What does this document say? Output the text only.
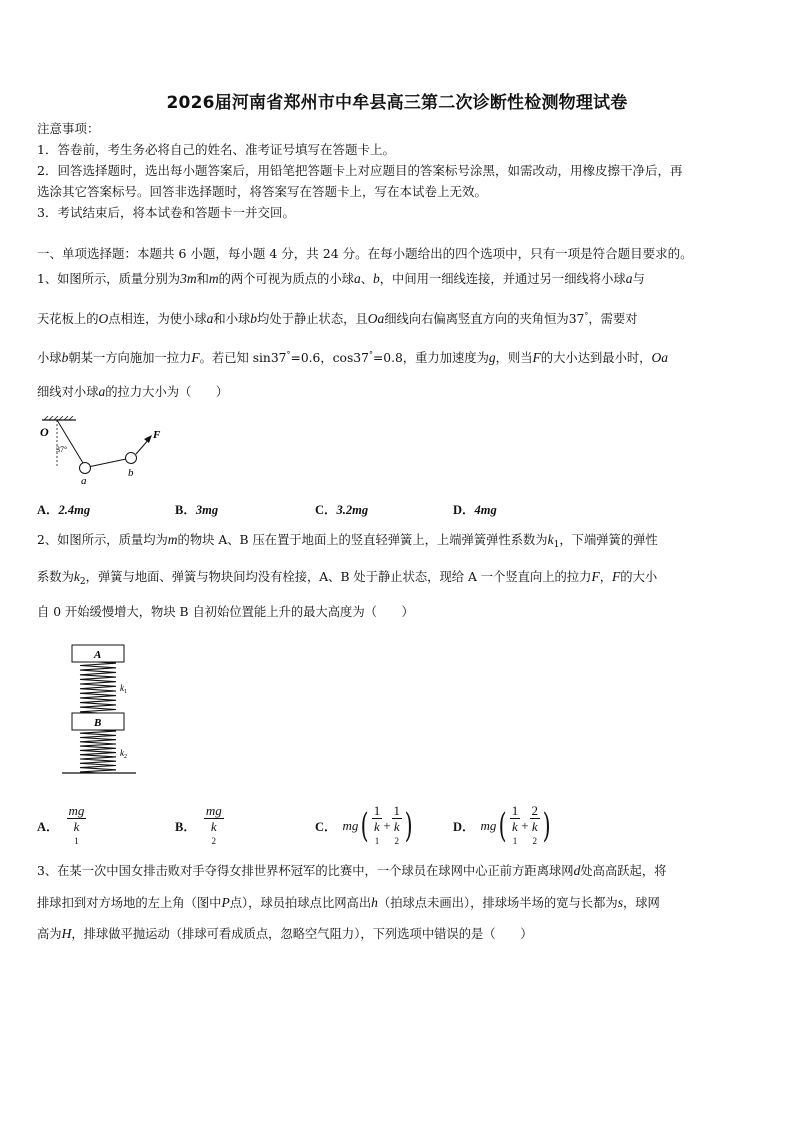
2026届河南省郑州市中牟县高三第二次诊断性检测物理试卷
注意事项：
1．答卷前，考生务必将自己的姓名、准考证号填写在答题卡上。
2．回答选择题时，选出每小题答案后，用铅笔把答题卡上对应题目的答案标号涂黑，如需改动，用橡皮擦干净后，再
选涂其它答案标号。回答非选择题时，将答案写在答题卡上，写在本试卷上无效。
3．考试结束后，将本试卷和答题卡一并交回。
一、单项选择题：本题共 6 小题，每小题 4 分，共 24 分。在每小题给出的四个选项中，只有一项是符合题目要求的。
1、如图所示，质量分别为3m和m的两个可视为质点的小球a、b，中间用一细线连接，并通过另一细线将小球a与
天花板上的O点相连，为使小球a和小球b均处于静止状态，且Oa细线向右偏离竖直方向的夹角恒为37°，需要对
小球b朝某一方向施加一拉力F。若已知 sin37°=0.6，cos37°=0.8，重力加速度为g，则当F的大小达到最小时，Oa
细线对小球a的拉力大小为（　　）
O
37°
a
b
F
A．2.4mg	B．3mg	C．3.2mg	D．4mg
2、如图所示，质量均为m的物块 A、B 压在置于地面上的竖直轻弹簧上，上端弹簧弹性系数为$k_1$，下端弹簧的弹性
系数为$k_2$，弹簧与地面、弹簧与物块间均没有栓接，A、B 处于静止状态，现给 A 一个竖直向上的拉力F，F的大小
自 0 开始缓慢增大，物块 B 自初始位置能上升的最大高度为（　　）
A
$k_1$
B
$k_2$
A． mg
k
1	B． mg
k
2	C． mg ( 1
k
1 + 1
k
2 )	D． mg ( 1
k
1 + 2
k
2 )
3、在某一次中国女排击败对手夺得女排世界杯冠军的比赛中，一个球员在球网中心正前方距离球网d处高高跃起，将
排球扣到对方场地的左上角（图中P点），球员拍球点比网高出h（拍球点未画出），排球场半场的宽与长都为s，球网
高为H，排球做平抛运动（排球可看成质点，忽略空气阻力），下列选项中错误的是（　　）
